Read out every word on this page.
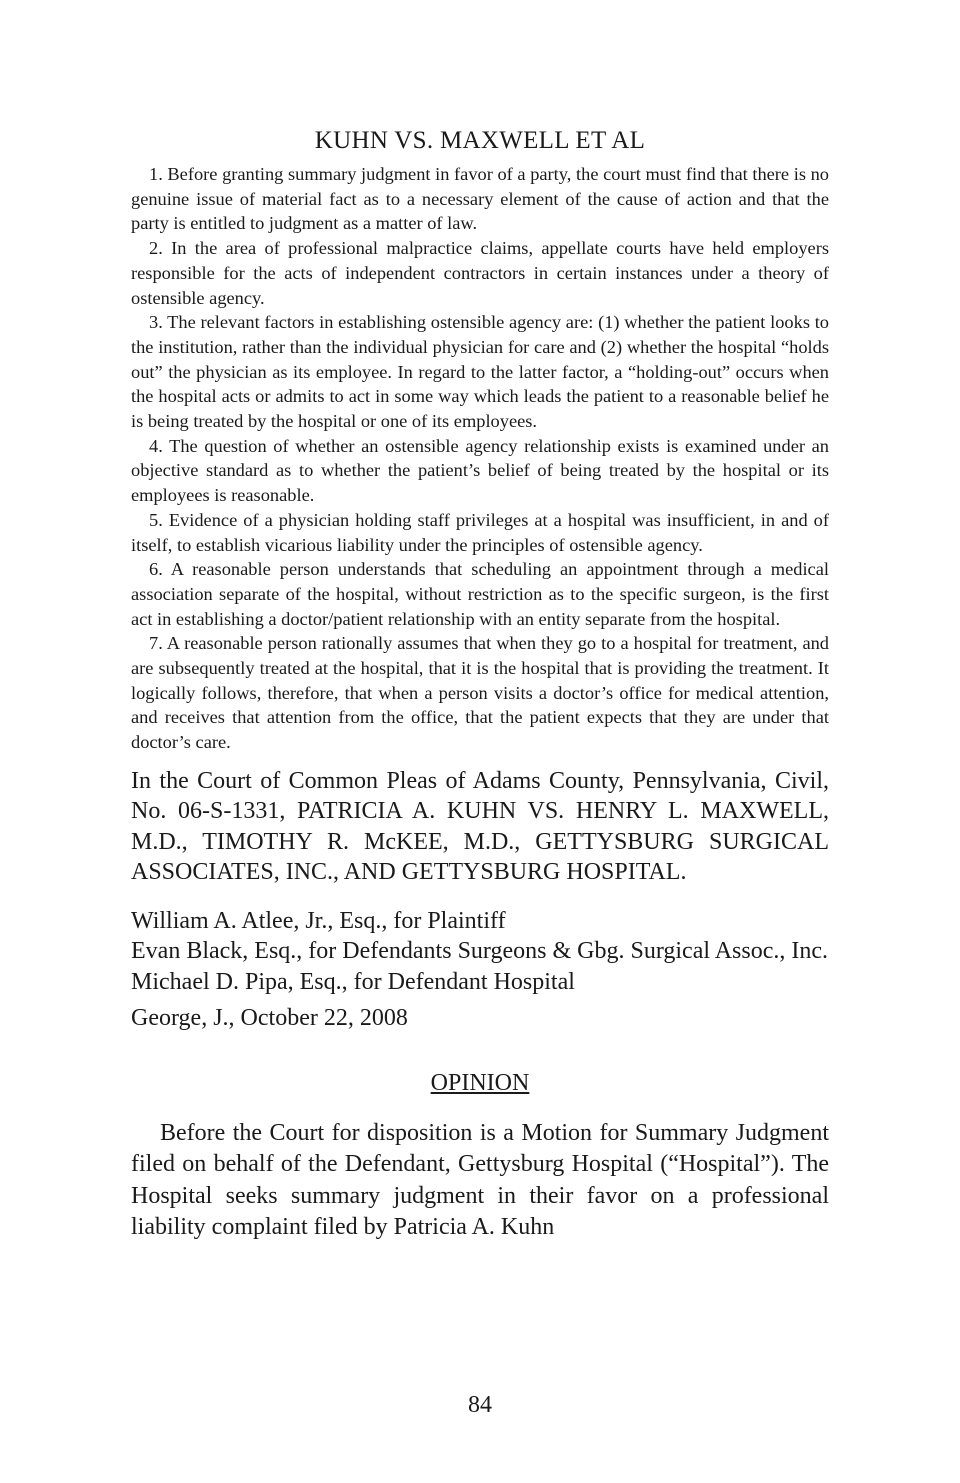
KUHN VS. MAXWELL ET AL

1. Before granting summary judgment in favor of a party, the court must find that there is no genuine issue of material fact as to a necessary element of the cause of action and that the party is entitled to judgment as a matter of law.

2. In the area of professional malpractice claims, appellate courts have held employers responsible for the acts of independent contractors in certain instances under a theory of ostensible agency.

3. The relevant factors in establishing ostensible agency are: (1) whether the patient looks to the institution, rather than the individual physician for care and (2) whether the hospital “holds out” the physician as its employee. In regard to the latter factor, a “holding-out” occurs when the hospital acts or admits to act in some way which leads the patient to a reasonable belief he is being treated by the hospital or one of its employees.

4. The question of whether an ostensible agency relationship exists is examined under an objective standard as to whether the patient’s belief of being treated by the hospital or its employees is reasonable.

5. Evidence of a physician holding staff privileges at a hospital was insufficient, in and of itself, to establish vicarious liability under the principles of ostensible agency.

6. A reasonable person understands that scheduling an appointment through a medical association separate of the hospital, without restriction as to the specific surgeon, is the first act in establishing a doctor/patient relationship with an entity separate from the hospital.

7. A reasonable person rationally assumes that when they go to a hospital for treatment, and are subsequently treated at the hospital, that it is the hospital that is providing the treatment. It logically follows, therefore, that when a person visits a doctor’s office for medical attention, and receives that attention from the office, that the patient expects that they are under that doctor’s care.

In the Court of Common Pleas of Adams County, Pennsylvania, Civil, No. 06-S-1331, PATRICIA A. KUHN VS. HENRY L. MAXWELL, M.D., TIMOTHY R. McKEE, M.D., GETTYSBURG SURGICAL ASSOCIATES, INC., AND GETTYSBURG HOSPITAL.

William A. Atlee, Jr., Esq., for Plaintiff
Evan Black, Esq., for Defendants Surgeons & Gbg. Surgical Assoc., Inc.
Michael D. Pipa, Esq., for Defendant Hospital
George, J., October 22, 2008
OPINION

Before the Court for disposition is a Motion for Summary Judgment filed on behalf of the Defendant, Gettysburg Hospital (“Hospital”). The Hospital seeks summary judgment in their favor on a professional liability complaint filed by Patricia A. Kuhn

84
